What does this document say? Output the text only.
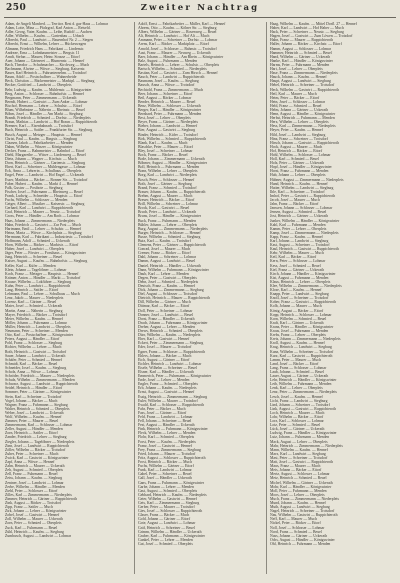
250	Zweiter Nachtrag
Adam, de Angeli Manfred. — Territor. Rest d. gas-Haus — Lohmar
Adam, Lotte, Mina — Pfalzgraf, Karl Anton — Reiseld.
Adler, Georg, Vater, Kaufm. — Leibe, Rudolf — Aachen
Adler, Wilhelm — Kaufm. — Gartenbau — Urbach
Albrecht, Paul — Landwirt — Bauernhof Nr. 2 — Siegen
Albrecht, Ernst — Wilhelm, Lehrer — Hückeswagen
Altmann, Friedrich Hans — Fabrikant — Lindenstr.
Andreae, Erna — Lohnbaumeister — Bergstr. 11
Arndt, Stefan — Maurer, Heinr. Strasse — Eitorf
Auer, Johann — Gärtnerei — Blumenstr. — Hennef
Bach, Theodor — Schuhmacher — Kirchweg — Much
Bachmann, Alwine — Witwe — Siegburg, Kaiserstr.
Bauer, Karl Heinrich — Fuhrunternehm. — Troisdorf
Baum, Adolf — Postschaffner — Wahnerheide
Beck, Christian — Bäckermeister — Marktpl. — Siegburg
Becker, Gottfried — Landwirt — Oberpleis
Behr, Ludwig — Kaufm. — Mühlenstr. — Königswinter
Berg, Anton — Schlosser — Bahnhofstr. — Hennef
Bergmann, Peter — Zimmermann — Uckerath
Berndt, Hubert — Gastwirt — Zum Anker — Lohmar
Bischof, Hermann — Lehrer — Schulstr. — Eitorf
Blum, Wilhelmine — Näherin — Rheinstr. — Beuel
Böhm, Josef — Händler — Am Markt — Siegburg
Brandt, Friedrich — Schmied — Dorfstr. — Niederpleis
Braun, Mathias — Landwirt — Hof Braun — Ruppichteroth
Brenner, Karl — Eisenbahnarb. — Troisdorf
Buch, Heinrich — Sattler — Frankfurter Str. — Siegburg
Busch, August — Metzger — Hauptstr. — Hennef
Christ, Paul — Kaufm. — Ringstr. — Siegburg
Claasen, Jakob — Fabrikarbeiter — Menden
Dahm, Wilhelm — Winzer — Königswinter
Decker, Franz — Bahnmeister — Bahnhof — Eitorf
Diehl, Margarethe — Witwe — Lindenweg — Beuel
Dietz, Johann — Wagner — Kirchstr. — Much
Dorn, Heinrich — Gärtner — Gartenstr. — Siegburg
Ebert, Karl — Schreiner — Mühlengasse — Lohmar
Eck, Anna — Lehrerin — Schulhaus — Oberpleis
Engel, Peter — Landwirt — Hof Engel — Uckerath
Esser, Matthias — Bäcker — Bonner Str. — Troisdorf
Faber, Hubert — Kaufm. — Markt 4 — Hennef
Falk, Gustav — Postbote — Siegburg
Fischer, Josef — Fuhrmann — Rheinweg — Beuel
Frank, Ludwig — Schneider — Hauptstr. — Eitorf
Fuchs, Wilhelm — Schlosser — Menden
Geiger, Albert — Musiker — Kaiserstr. — Siegburg
Gerhard, Karl — Landwirt — Ruppichteroth
Graf, Heinrich — Maurer — Neustr. — Troisdorf
Gross, Peter — Händler — Am Bach — Lohmar
Haas, Johann — Zimmermann — Niederpleis
Hahn, Friedrich — Gastwirt — Zur Post — Much
Hartmann, Emil — Lehrer — Schulstr. — Hennef
Heinz, Maria — Witwe — Kirchplatz — Siegburg
Herrmann, Karl — Fabrikant — Industriestr. — Troisdorf
Hoffmann, Adolf — Schmied — Uckerath
Horn, Wilhelm — Bäcker — Marktstr. — Eitorf
Huber, Josef — Landwirt — Oberpleis
Jäger, Peter — Förster — Forsthaus — Königswinter
Jung, Heinrich — Schreiner — Beuel
Kaiser, August — Kaufm. — Bahnhofstr. — Siegburg
Keller, Karl — Küfer — Menden
Klein, Johann — Tagelöhner — Lohmar
Koch, Franz — Metzger — Hauptstr. — Hennef
Krämer, Anton — Händler — Markt — Troisdorf
Krause, Wilhelm — Lokführer — Siegburg
Kuhn, Peter — Landwirt — Ruppichteroth
Lang, Heinrich — Sattler — Eitorf
Lehmann, Paul — Lehrer — Schulhaus — Much
Lenz, Jakob — Maurer — Niederpleis
Lorenz, Karl — Gärtner — Beuel
Maier, Josef — Schmied — Uckerath
Martin, Anna — Näherin — Siegburg
Mayer, Friedrich — Bäcker — Troisdorf
Meier, Wilhelm — Kaufm. — Hennef
Möller, Johann — Fuhrmann — Lohmar
Müller, Heinrich — Landwirt — Oberpleis
Neumann, Peter — Schreiner — Menden
Otto, Karl — Postschaffner — Königswinter
Peters, August — Händler — Eitorf
Pohl, Franz — Schlosser — Siegburg
Richter, Wilhelm — Lehrer — Much
Roth, Heinrich — Gastwirt — Troisdorf
Sauer, Johann — Landwirt — Uckerath
Schäfer, Peter — Schmied — Hennef
Schmidt, Karl — Bäcker — Beuel
Schneider, Josef — Kaufm. — Siegburg
Scholz, Anna — Witwe — Lohmar
Schröder, Friedrich — Maurer — Niederpleis
Schulz, Wilhelm — Zimmermann — Menden
Schwarz, August — Landwirt — Ruppichteroth
Seidel, Heinrich — Händler — Eitorf
Sommer, Peter — Gärtner — Königswinter
Stein, Karl — Schreiner — Troisdorf
Vogel, Johann — Bäcker — Much
Wagner, Franz — Fuhrmann — Siegburg
Walter, Heinrich — Schmied — Oberpleis
Weber, Josef — Landwirt — Uckerath
Wolf, Wilhelm — Kaufm. — Hennef
Zimmer, Peter — Maurer — Beuel
Zimmermann, Karl — Schlosser — Lohmar
Zeller, August — Händler — Menden
Zorn, Heinrich — Sattler — Eitorf
Zander, Friedrich — Lehrer — Siegburg
Ziegler, Johann — Tagelöhner — Niederpleis
Zinn, Josef — Landwirt — Ruppichteroth
Zöller, Wilhelm — Bäcker — Troisdorf
Zuber, Peter — Schreiner — Much
Zwick, Karl — Gastwirt — Königswinter
Zapf, Anna — Witwe — Hennef
Zahn, Heinrich — Maurer — Uckerath
Zeh, August — Schmied — Oberpleis
Zell, Franz — Fuhrmann — Beuel
Zeiss, Johann — Kaufm. — Siegburg
Zentner, Josef — Landwirt — Lohmar
Zerbe, Wilhelm — Händler — Menden
Ziehl, Peter — Schlosser — Eitorf
Zilles, Karl — Zimmermann — Niederpleis
Zimmer, Heinrich — Gärtner — Ruppichteroth
Zink, August — Bäcker — Troisdorf
Zipp, Franz — Sattler — Much
Zirk, Johann — Lehrer — Königswinter
Zobel, Josef — Gastwirt — Hennef
Zoll, Wilhelm — Maurer — Uckerath
Zorn, Peter — Schmied — Oberpleis
Zuck, Karl — Fuhrmann — Beuel
Zühl, Heinrich — Kaufm. — Siegburg
Zumbusch, August — Landwirt — Lohmar
Adolf, Ernst — Fabrikarbeiter — Müller, Karl — Hennef
Ahrens, Otto — Kaufm. — Kölner Str. — Siegburg
Albers, Wilhelm — Gärtner — Rosenweg — Beuel
Alt, Heinrich — Landwirt — Hof Alt — Much
Ammann, Peter — Schreiner — Dorfstr. — Lohmar
Arens, Karl — Bäcker — Marktplatz — Eitorf
Arnold, Josef — Schlosser — Bahnstr. — Troisdorf
Aust, Franz — Maurer — Neuweg — Uckerath
Baer, Johann — Händler — Am Rhein — Königswinter
Balz, August — Fuhrmann — Menden
Bartels, Heinrich — Lehrer — Schulstr. — Oberpleis
Bartsch, Wilhelm — Schmied — Niederpleis
Bastian, Karl — Gastwirt — Zum Hirsch — Hennef
Bauch, Peter — Landwirt — Ruppichteroth
Baumann, Josef — Kaufm. — Siegburg
Bausch, Anna — Witwe — Troisdorf
Bechtold, Franz — Zimmermann — Much
Beer, Johann — Schreiner — Eitorf
Beil, August — Bäcker — Lohmar
Bender, Heinrich — Maurer — Beuel
Benz, Wilhelm — Schlosser — Uckerath
Berger, Karl — Händler — Königswinter
Bernhard, Peter — Fuhrmann — Menden
Best, Josef — Lehrer — Oberpleis
Beyer, Franz — Gärtner — Niederpleis
Bieber, Johann — Landwirt — Hennef
Bier, August — Gastwirt — Siegburg
Binder, Heinrich — Küfer — Troisdorf
Birk, Wilhelm — Schmied — Ruppichteroth
Blank, Karl — Kaufm. — Much
Blaschke, Peter — Maurer — Eitorf
Bley, Josef — Schreiner — Lohmar
Bock, Franz — Bäcker — Beuel
Bode, Johann — Zimmermann — Uckerath
Böhmer, August — Händler — Königswinter
Boll, Heinrich — Fuhrmann — Menden
Bonn, Wilhelm — Lehrer — Oberpleis
Borg, Karl — Landwirt — Niederpleis
Bosch, Peter — Schlosser — Hennef
Both, Josef — Gärtner — Siegburg
Brand, Franz — Schmied — Troisdorf
Brauer, Johann — Kaufm. — Ruppichteroth
Brehm, August — Maurer — Much
Breuer, Heinrich — Bäcker — Eitorf
Brill, Wilhelm — Schreiner — Lohmar
Brock, Karl — Gastwirt — Beuel
Bruch, Peter — Landwirt — Uckerath
Bruns, Josef — Händler — Königswinter
Buck, Franz — Fuhrmann — Menden
Bühler, Johann — Lehrer — Oberpleis
Burg, August — Zimmermann — Niederpleis
Burger, Heinrich — Schlosser — Hennef
Busse, Wilhelm — Schmied — Siegburg
Butz, Karl — Kaufm. — Troisdorf
Clemens, Peter — Gärtner — Ruppichteroth
Conrad, Josef — Maurer — Much
Cremer, Franz — Bäcker — Eitorf
Dahl, Johann — Schreiner — Lohmar
Damm, August — Landwirt — Beuel
Daniel, Heinrich — Händler — Uckerath
Dann, Wilhelm — Fuhrmann — Königswinter
Daub, Karl — Lehrer — Menden
Degen, Peter — Gastwirt — Oberpleis
Dehn, Josef — Schmied — Niederpleis
Deutsch, Franz — Kaufm. — Hennef
Dick, Johann — Zimmermann — Siegburg
Diel, August — Schlosser — Troisdorf
Dietrich, Heinrich — Maurer — Ruppichteroth
Dill, Wilhelm — Gärtner — Much
Dittmar, Karl — Bäcker — Eitorf
Doll, Peter — Schreiner — Lohmar
Donner, Josef — Landwirt — Beuel
Dorst, Franz — Händler — Uckerath
Drach, Johann — Fuhrmann — Königswinter
Dreher, August — Lehrer — Menden
Drews, Heinrich — Schmied — Oberpleis
Dürr, Wilhelm — Kaufm. — Niederpleis
Eber, Karl — Gastwirt — Hennef
Eckert, Peter — Zimmermann — Siegburg
Eder, Josef — Maurer — Troisdorf
Egner, Franz — Schlosser — Ruppichteroth
Ehlers, Johann — Bäcker — Much
Eich, August — Gärtner — Eitorf
Eichler, Heinrich — Landwirt — Lohmar
Eisele, Wilhelm — Schreiner — Beuel
Elsner, Karl — Händler — Uckerath
Emmerich, Peter — Fuhrmann — Königswinter
Ende, Josef — Lehrer — Menden
Engler, Franz — Schmied — Oberpleis
Erb, Johann — Kaufm. — Niederpleis
Ernst, August — Gastwirt — Hennef
Essig, Heinrich — Zimmermann — Siegburg
Euler, Wilhelm — Maurer — Troisdorf
Ewald, Karl — Schlosser — Ruppichteroth
Fahr, Peter — Bäcker — Much
Fass, Josef — Gärtner — Eitorf
Feld, Franz — Landwirt — Lohmar
Fell, Johann — Schreiner — Beuel
Fest, August — Händler — Uckerath
Fink, Heinrich — Fuhrmann — Königswinter
Fleck, Wilhelm — Lehrer — Menden
Flohr, Karl — Schmied — Oberpleis
Forst, Peter — Kaufm. — Niederpleis
Franz, Josef — Gastwirt — Hennef
Frey, Franz — Zimmermann — Siegburg
Fried, Johann — Maurer — Troisdorf
Fritz, August — Schlosser — Ruppichteroth
Frost, Heinrich — Bäcker — Much
Fuchs, Wilhelm — Gärtner — Eitorf
Funk, Karl — Landwirt — Lohmar
Gabel, Peter — Schreiner — Beuel
Gall, Josef — Händler — Uckerath
Gans, Franz — Fuhrmann — Königswinter
Garbe, Johann — Lehrer — Menden
Gast, August — Schmied — Oberpleis
Gebhard, Heinrich — Kaufm. — Niederpleis
Geier, Wilhelm — Gastwirt — Hennef
Geis, Karl — Zimmermann — Siegburg
Gerber, Peter — Maurer — Troisdorf
Gies, Josef — Schlosser — Ruppichteroth
Glaser, Franz — Bäcker — Much
Gold, Johann — Gärtner — Eitorf
Gote, August — Landwirt — Lohmar
Gräf, Heinrich — Schreiner — Beuel
Grimm, Wilhelm — Händler — Uckerath
Gruber, Karl — Fuhrmann — Königswinter
Gunkel, Peter — Lehrer — Menden
Gut, Josef — Schmied — Oberpleis
Haag, Wilhelm — Kaufm. — Mittel Dorfl. 27 — Hennef
Haber, Karl — Landwirt — Hof Haber — Much
Hack, Peter — Schreiner — Neustr. — Siegburg
Hagen, Josef — Gastwirt — Zum Löwen — Troisdorf
Hahn, Franz — Maurer — Ruppichteroth
Haller, Johann — Bäcker — Kirchstr. — Eitorf
Hamm, August — Schlosser — Lohmar
Hammer, Heinrich — Schmied — Beuel
Hand, Wilhelm — Gärtner — Uckerath
Hanke, Karl — Händler — Königswinter
Harms, Peter — Fuhrmann — Menden
Hart, Josef — Lehrer — Oberpleis
Hase, Franz — Zimmermann — Niederpleis
Hauck, Johann — Kaufm. — Hennef
Haupt, August — Landwirt — Siegburg
Hebel, Heinrich — Schreiner — Troisdorf
Heck, Wilhelm — Gastwirt — Ruppichteroth
Heil, Karl — Maurer — Much
Heim, Peter — Bäcker — Eitorf
Hein, Josef — Schlosser — Lohmar
Held, Franz — Schmied — Beuel
Helm, Johann — Gärtner — Uckerath
Henn, August — Händler — Königswinter
Herbst, Heinrich — Fuhrmann — Menden
Herz, Wilhelm — Lehrer — Oberpleis
Hess, Karl — Zimmermann — Niederpleis
Heyer, Peter — Kaufm. — Hennef
Hild, Josef — Landwirt — Siegburg
Hinz, Franz — Schreiner — Troisdorf
Hirsch, Johann — Gastwirt — Ruppichteroth
Hock, August — Maurer — Much
Hof, Heinrich — Bäcker — Eitorf
Hohl, Wilhelm — Schlosser — Lohmar
Holl, Karl — Schmied — Beuel
Holz, Peter — Gärtner — Uckerath
Hopf, Josef — Händler — Königswinter
Horst, Franz — Fuhrmann — Menden
Hub, Johann — Lehrer — Oberpleis
Hübner, August — Zimmermann — Niederpleis
Hund, Heinrich — Kaufm. — Hennef
Hutter, Wilhelm — Landwirt — Siegburg
Ihle, Karl — Schreiner — Troisdorf
Imhof, Peter — Gastwirt — Ruppichteroth
Jacob, Josef — Maurer — Much
Jahn, Franz — Bäcker — Eitorf
Janssen, Johann — Schlosser — Lohmar
Jensen, August — Schmied — Beuel
Jost, Heinrich — Gärtner — Uckerath
Junker, Wilhelm — Händler — Königswinter
Kahl, Karl — Fuhrmann — Menden
Kamm, Peter — Lehrer — Oberpleis
Kamp, Josef — Zimmermann — Niederpleis
Kapp, Franz — Kaufm. — Hennef
Karl, Johann — Landwirt — Siegburg
Kast, August — Schreiner — Troisdorf
Kaul, Heinrich — Gastwirt — Ruppichteroth
Kehr, Wilhelm — Maurer — Much
Keil, Karl — Bäcker — Eitorf
Kern, Peter — Schlosser — Lohmar
Kess, Josef — Schmied — Beuel
Kiel, Franz — Gärtner — Uckerath
Kirch, Johann — Händler — Königswinter
Kist, August — Fuhrmann — Menden
Klaus, Heinrich — Lehrer — Oberpleis
Klee, Wilhelm — Zimmermann — Niederpleis
Klose, Karl — Kaufm. — Hennef
Knapp, Peter — Landwirt — Siegburg
Knoll, Josef — Schreiner — Troisdorf
Kober, Franz — Gastwirt — Ruppichteroth
Kolb, Johann — Maurer — Much
König, August — Bäcker — Eitorf
Kopp, Heinrich — Schlosser — Lohmar
Korn, Wilhelm — Schmied — Beuel
Kraft, Karl — Gärtner — Uckerath
Kranz, Peter — Händler — Königswinter
Kraus, Josef — Fuhrmann — Menden
Krebs, Franz — Lehrer — Oberpleis
Kreis, Johann — Zimmermann — Niederpleis
Kroll, August — Kaufm. — Hennef
Krug, Heinrich — Landwirt — Siegburg
Kunz, Wilhelm — Schreiner — Troisdorf
Kurz, Karl — Gastwirt — Ruppichteroth
Lamm, Peter — Maurer — Much
Land, Josef — Bäcker — Eitorf
Lang, Franz — Schlosser — Lohmar
Laub, Johann — Schmied — Beuel
Lauer, August — Gärtner — Uckerath
Lehr, Heinrich — Händler — Königswinter
Leib, Wilhelm — Fuhrmann — Menden
Lenk, Karl — Lehrer — Oberpleis
Lenz, Peter — Zimmermann — Niederpleis
Lesch, Josef — Kaufm. — Hennef
Licht, Franz — Landwirt — Siegburg
Lind, Johann — Schreiner — Troisdorf
Link, August — Gastwirt — Ruppichteroth
Loch, Heinrich — Maurer — Much
Lohr, Wilhelm — Bäcker — Eitorf
Lorz, Karl — Schlosser — Lohmar
Lotz, Peter — Schmied — Beuel
Lück, Josef — Gärtner — Uckerath
Ludwig, Franz — Händler — Königswinter
Lutz, Johann — Fuhrmann — Menden
Mack, August — Lehrer — Oberpleis
Mahr, Heinrich — Zimmermann — Niederpleis
Mann, Wilhelm — Kaufm. — Hennef
Marx, Karl — Landwirt — Siegburg
Mast, Peter — Schreiner — Troisdorf
Matt, Josef — Gastwirt — Ruppichteroth
Maus, Franz — Maurer — Much
Meis, Johann — Bäcker — Eitorf
Mertz, August — Schlosser — Lohmar
Metz, Heinrich — Schmied — Beuel
Michel, Wilhelm — Gärtner — Uckerath
Mohr, Karl — Händler — Königswinter
Moll, Peter — Fuhrmann — Menden
Moos, Josef — Lehrer — Oberpleis
Much, Franz — Zimmermann — Niederpleis
Mund, Johann — Kaufm. — Hennef
Muth, August — Landwirt — Siegburg
Nagel, Heinrich — Schreiner — Troisdorf
Nau, Wilhelm — Gastwirt — Ruppichteroth
Neff, Karl — Maurer — Much
Nickel, Peter — Bäcker — Eitorf
Noll, Josef — Schlosser — Lohmar
Nord, Franz — Schmied — Beuel
Nuss, Johann — Gärtner — Uckerath
Ochs, August — Händler — Königswinter
Ohl, Heinrich — Fuhrmann — Menden
